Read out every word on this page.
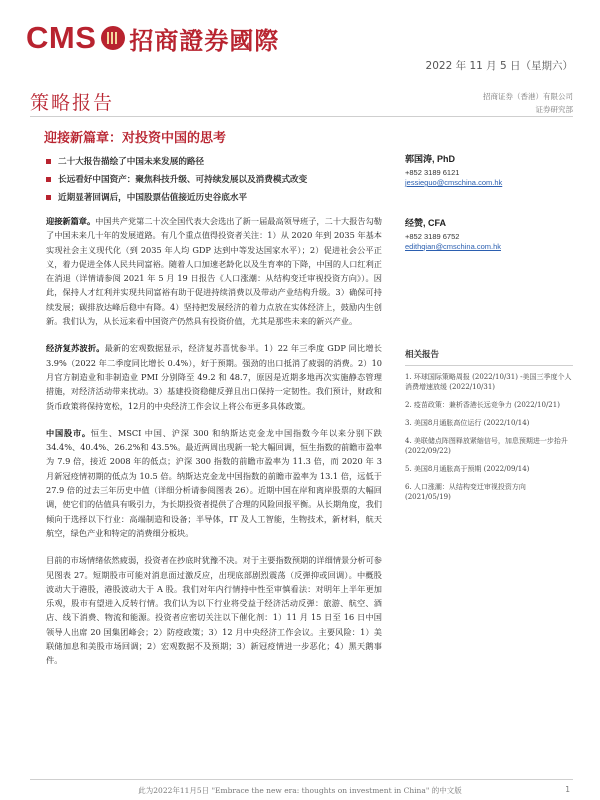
CMS 招商證券國際
2022 年 11 月 5 日（星期六）
策略报告	招商证券（香港）有限公司
证券研究部
迎接新篇章：对投资中国的思考
二十大报告描绘了中国未来发展的路径
长远看好中国资产：聚焦科技升级、可持续发展以及消费模式改变
近期显著回调后，中国股票估值接近历史谷底水平

迎接新篇章。中国共产党第二十次全国代表大会选出了新一届最高领导班子，二十大报告勾勒了中国未来几十年的发展道路。有几个重点值得投资者关注：1）从 2020 年到 2035 年基本实现社会主义现代化（到 2035 年人均 GDP 达到中等发达国家水平）；2）促进社会公平正义，着力促进全体人民共同富裕。随着人口加速老龄化以及生育率的下降，中国的人口红利正在消退（详情请参阅 2021 年 5 月 19 日报告《人口涨潮：从结构变迁审视投资方向》）。因此，保持人才红利并实现共同富裕有助于促进持续消费以及带动产业结构升级。3）确保可持续发展；碳排放达峰后稳中有降。4）坚持把发展经济的着力点放在实体经济上，鼓励内生创新。我们认为，从长远来看中国资产仍然具有投资价值，尤其是那些未来的新兴产业。

经济复苏波折。最新的宏观数据显示，经济复苏喜忧参半。1）22 年三季度 GDP 同比增长 3.9%（2022 年二季度同比增长 0.4%），好于预期。强劲的出口抵消了疲弱的消费。2）10 月官方制造业和非制造业 PMI 分别降至 49.2 和 48.7，原因是近期多地再次实施静态管理措施，对经济活动带来扰动。3）基建投资稳健反弹且出口保持一定韧性。我们预计，财政和货币政策将保持宽松，12月的中央经济工作会议上将公布更多具体政策。

中国股市。恒生、MSCI 中国、沪深 300 和纳斯达克金龙中国指数今年以来分别下跌 34.4%、40.4%、26.2%和 43.5%。最近两周出现新一轮大幅回调，恒生指数的前瞻市盈率为 7.9 倍，接近 2008 年的低点；沪深 300 指数的前瞻市盈率为 11.3 倍，而 2020 年 3 月新冠疫情初期的低点为 10.5 倍。纳斯达克金龙中国指数的前瞻市盈率为 13.1 倍，远低于 27.9 倍的过去三年历史中值（详细分析请参阅图表 26）。近期中国在岸和离岸股票的大幅回调，使它们的估值具有吸引力，为长期投资者提供了合理的风险回报平衡。从长期角度，我们倾向于选择以下行业：高端制造和设备；半导体，IT 及人工智能，生物技术，新材料，航天航空，绿色产业和特定的消费细分板块。

目前的市场情绪依然疲弱，投资者在抄底时犹豫不决。对于主要指数预期的详细情景分析可参见图表 27。短期股市可能对消息面过激反应，出现底部剧烈震荡（反弹抑或回调）。中概股波动大于港股，港股波动大于 A 股。我们对年内行情持中性至审慎看法：对明年上半年更加乐观，股市有望进入反转行情。我们认为以下行业将受益于经济活动反弹：旅游、航空、酒店、线下消费、物流和能源。投资者应密切关注以下催化剂：1）11 月 15 日至 16 日中国领导人出席 20 国集团峰会；2）防疫政策；3）12 月中央经济工作会议。主要风险：1）美联储加息和美股市场回调；2）宏观数据不及预期；3）新冠疫情进一步恶化；4）黑天鹅事件。

郭国涛, PhD
+852 3189 6121
jessieguo@cmschina.com.hk
经赞, CFA
+852 3189 6752
edithqian@cmschina.com.hk
相关报告
1. 环球国际策略周报 (2022/10/31) -美国三季度个人消费增速放缓 (2022/10/31)
2. 疫苗政策：兼析香港长远竞争力 (2022/10/21)
3. 美国8月通胀高位运行 (2022/10/14)
4. 美联储点阵图释放紧缩信号，加息预期进一步抬升 (2022/09/22)
5. 美国8月通胀高于预期 (2022/09/14)
6. 人口涨潮：从结构变迁审视投资方向 (2021/05/19)
此为2022年11月5日 "Embrace the new era: thoughts on investment in China" 的中文版	1
